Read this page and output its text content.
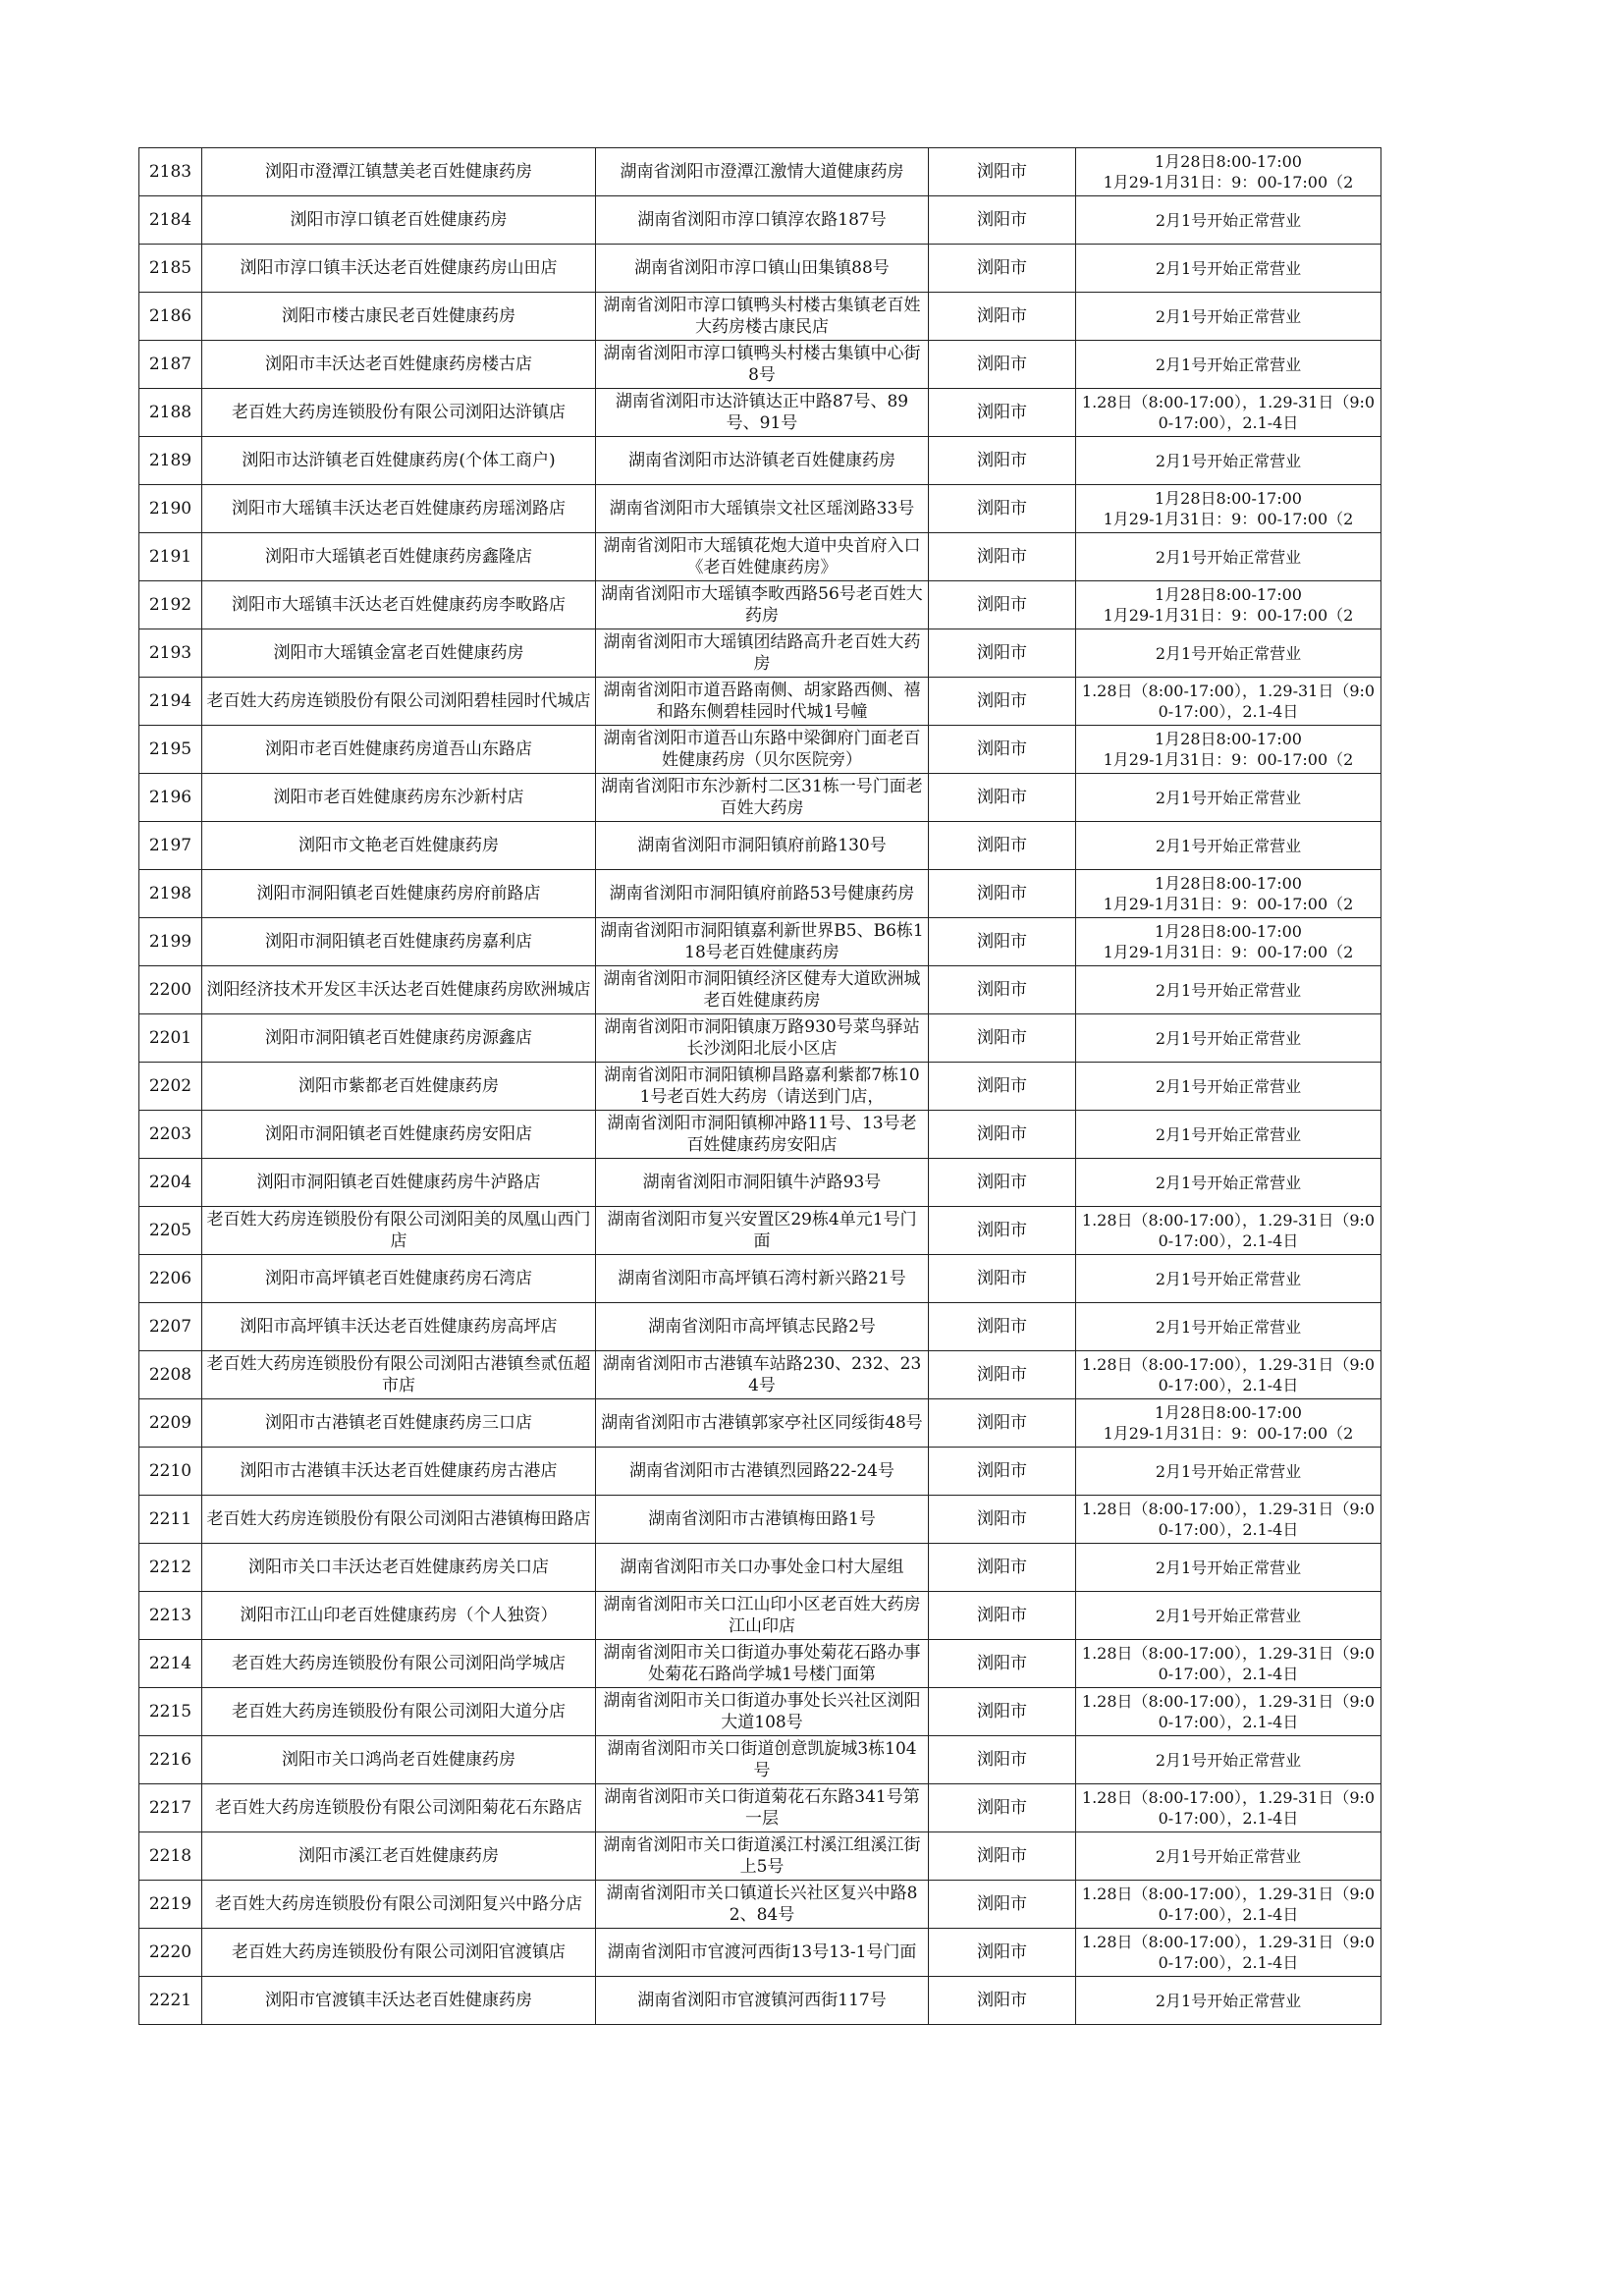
2183	浏阳市澄潭江镇慧美老百姓健康药房	湖南省浏阳市澄潭江激情大道健康药房	浏阳市	1月28日8:00-17:00
1月29-1月31日：9：00-17:00（2
2184	浏阳市淳口镇老百姓健康药房	湖南省浏阳市淳口镇淳农路187号	浏阳市	2月1号开始正常营业
2185	浏阳市淳口镇丰沃达老百姓健康药房山田店	湖南省浏阳市淳口镇山田集镇88号	浏阳市	2月1号开始正常营业
2186	浏阳市楼古康民老百姓健康药房	湖南省浏阳市淳口镇鸭头村楼古集镇老百姓大药房楼古康民店	浏阳市	2月1号开始正常营业
2187	浏阳市丰沃达老百姓健康药房楼古店	湖南省浏阳市淳口镇鸭头村楼古集镇中心街8号	浏阳市	2月1号开始正常营业
2188	老百姓大药房连锁股份有限公司浏阳达浒镇店	湖南省浏阳市达浒镇达正中路87号、89号、91号	浏阳市	1.28日（8:00-17:00），1.29-31日（9:00-17:00），2.1-4日
2189	浏阳市达浒镇老百姓健康药房(个体工商户)	湖南省浏阳市达浒镇老百姓健康药房	浏阳市	2月1号开始正常营业
2190	浏阳市大瑶镇丰沃达老百姓健康药房瑶浏路店	湖南省浏阳市大瑶镇崇文社区瑶浏路33号	浏阳市	1月28日8:00-17:00
1月29-1月31日：9：00-17:00（2
2191	浏阳市大瑶镇老百姓健康药房鑫隆店	湖南省浏阳市大瑶镇花炮大道中央首府入口《老百姓健康药房》	浏阳市	2月1号开始正常营业
2192	浏阳市大瑶镇丰沃达老百姓健康药房李畋路店	湖南省浏阳市大瑶镇李畋西路56号老百姓大药房	浏阳市	1月28日8:00-17:00
1月29-1月31日：9：00-17:00（2
2193	浏阳市大瑶镇金富老百姓健康药房	湖南省浏阳市大瑶镇团结路高升老百姓大药房	浏阳市	2月1号开始正常营业
2194	老百姓大药房连锁股份有限公司浏阳碧桂园时代城店	湖南省浏阳市道吾路南侧、胡家路西侧、禧和路东侧碧桂园时代城1号幢	浏阳市	1.28日（8:00-17:00），1.29-31日（9:00-17:00），2.1-4日
2195	浏阳市老百姓健康药房道吾山东路店	湖南省浏阳市道吾山东路中梁御府门面老百姓健康药房（贝尔医院旁）	浏阳市	1月28日8:00-17:00
1月29-1月31日：9：00-17:00（2
2196	浏阳市老百姓健康药房东沙新村店	湖南省浏阳市东沙新村二区31栋一号门面老百姓大药房	浏阳市	2月1号开始正常营业
2197	浏阳市文艳老百姓健康药房	湖南省浏阳市洞阳镇府前路130号	浏阳市	2月1号开始正常营业
2198	浏阳市洞阳镇老百姓健康药房府前路店	湖南省浏阳市洞阳镇府前路53号健康药房	浏阳市	1月28日8:00-17:00
1月29-1月31日：9：00-17:00（2
2199	浏阳市洞阳镇老百姓健康药房嘉利店	湖南省浏阳市洞阳镇嘉利新世界B5、B6栋118号老百姓健康药房	浏阳市	1月28日8:00-17:00
1月29-1月31日：9：00-17:00（2
2200	浏阳经济技术开发区丰沃达老百姓健康药房欧洲城店	湖南省浏阳市洞阳镇经济区健寿大道欧洲城老百姓健康药房	浏阳市	2月1号开始正常营业
2201	浏阳市洞阳镇老百姓健康药房源鑫店	湖南省浏阳市洞阳镇康万路930号菜鸟驿站长沙浏阳北辰小区店	浏阳市	2月1号开始正常营业
2202	浏阳市紫都老百姓健康药房	湖南省浏阳市洞阳镇柳昌路嘉利紫都7栋101号老百姓大药房（请送到门店，	浏阳市	2月1号开始正常营业
2203	浏阳市洞阳镇老百姓健康药房安阳店	湖南省浏阳市洞阳镇柳冲路11号、13号老百姓健康药房安阳店	浏阳市	2月1号开始正常营业
2204	浏阳市洞阳镇老百姓健康药房牛泸路店	湖南省浏阳市洞阳镇牛泸路93号	浏阳市	2月1号开始正常营业
2205	老百姓大药房连锁股份有限公司浏阳美的凤凰山西门店	湖南省浏阳市复兴安置区29栋4单元1号门面	浏阳市	1.28日（8:00-17:00），1.29-31日（9:00-17:00），2.1-4日
2206	浏阳市高坪镇老百姓健康药房石湾店	湖南省浏阳市高坪镇石湾村新兴路21号	浏阳市	2月1号开始正常营业
2207	浏阳市高坪镇丰沃达老百姓健康药房高坪店	湖南省浏阳市高坪镇志民路2号	浏阳市	2月1号开始正常营业
2208	老百姓大药房连锁股份有限公司浏阳古港镇叁贰伍超市店	湖南省浏阳市古港镇车站路230、232、234号	浏阳市	1.28日（8:00-17:00），1.29-31日（9:00-17:00），2.1-4日
2209	浏阳市古港镇老百姓健康药房三口店	湖南省浏阳市古港镇郭家亭社区同绥街48号	浏阳市	1月28日8:00-17:00
1月29-1月31日：9：00-17:00（2
2210	浏阳市古港镇丰沃达老百姓健康药房古港店	湖南省浏阳市古港镇烈园路22-24号	浏阳市	2月1号开始正常营业
2211	老百姓大药房连锁股份有限公司浏阳古港镇梅田路店	湖南省浏阳市古港镇梅田路1号	浏阳市	1.28日（8:00-17:00），1.29-31日（9:00-17:00），2.1-4日
2212	浏阳市关口丰沃达老百姓健康药房关口店	湖南省浏阳市关口办事处金口村大屋组	浏阳市	2月1号开始正常营业
2213	浏阳市江山印老百姓健康药房（个人独资）	湖南省浏阳市关口江山印小区老百姓大药房江山印店	浏阳市	2月1号开始正常营业
2214	老百姓大药房连锁股份有限公司浏阳尚学城店	湖南省浏阳市关口街道办事处菊花石路办事处菊花石路尚学城1号楼门面第	浏阳市	1.28日（8:00-17:00），1.29-31日（9:00-17:00），2.1-4日
2215	老百姓大药房连锁股份有限公司浏阳大道分店	湖南省浏阳市关口街道办事处长兴社区浏阳大道108号	浏阳市	1.28日（8:00-17:00），1.29-31日（9:00-17:00），2.1-4日
2216	浏阳市关口鸿尚老百姓健康药房	湖南省浏阳市关口街道创意凯旋城3栋104号	浏阳市	2月1号开始正常营业
2217	老百姓大药房连锁股份有限公司浏阳菊花石东路店	湖南省浏阳市关口街道菊花石东路341号第一层	浏阳市	1.28日（8:00-17:00），1.29-31日（9:00-17:00），2.1-4日
2218	浏阳市溪江老百姓健康药房	湖南省浏阳市关口街道溪江村溪江组溪江街上5号	浏阳市	2月1号开始正常营业
2219	老百姓大药房连锁股份有限公司浏阳复兴中路分店	湖南省浏阳市关口镇道长兴社区复兴中路82、84号	浏阳市	1.28日（8:00-17:00），1.29-31日（9:00-17:00），2.1-4日
2220	老百姓大药房连锁股份有限公司浏阳官渡镇店	湖南省浏阳市官渡河西街13号13-1号门面	浏阳市	1.28日（8:00-17:00），1.29-31日（9:00-17:00），2.1-4日
2221	浏阳市官渡镇丰沃达老百姓健康药房	湖南省浏阳市官渡镇河西街117号	浏阳市	2月1号开始正常营业
